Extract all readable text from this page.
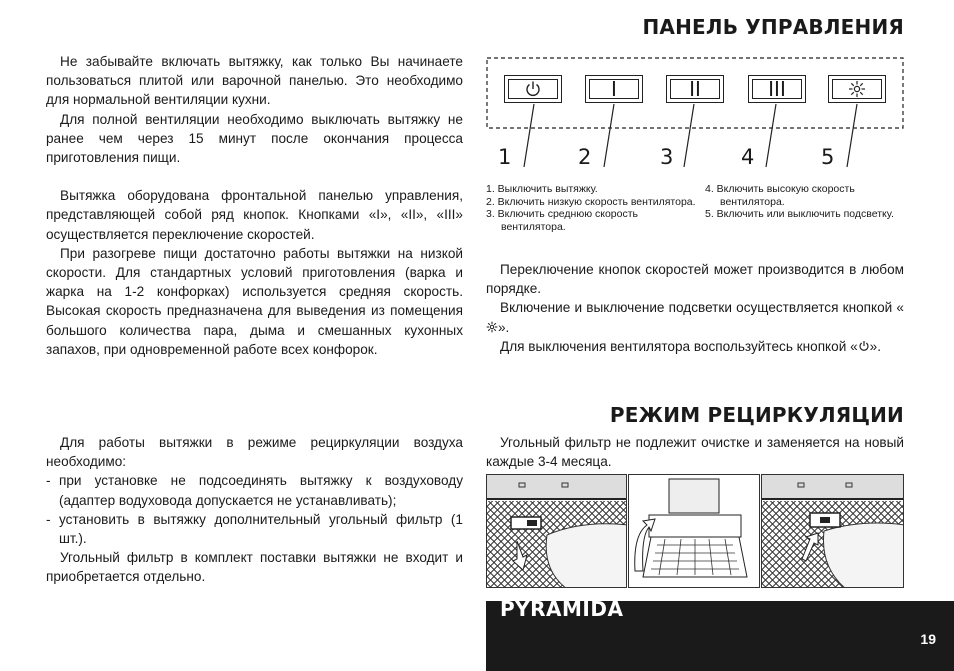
ПАНЕЛЬ УПРАВЛЕНИЯ

Не забывайте включать вытяжку, как только Вы начинаете пользоваться плитой или варочной панелью. Это необходимо для нормальной вентиляции кухни.

Для полной вентиляции необходимо выключать вытяжку не ранее чем через 15 минут после окончания процесса приготовления пищи.

Вытяжка оборудована фронтальной панелью управления, представляющей собой ряд кнопок. Кнопками «I», «II», «III» осуществляется переключение скоростей.

При разогреве пищи достаточно работы вытяжки на низкой скорости. Для стандартных условий приготовления (варка и жарка на 1-2 конфорках) используется средняя скорость. Высокая скорость предназначена для выведения из помещения большого количества пара, дыма и смешанных кухонных запахов, при одновременной работе всех конфорок.

I	II	III
1	2	3	4	5
1. Выключить вытяжку.
2. Включить низкую скорость вентилятора.
3. Включить среднюю скорость вентилятора.
4. Включить высокую скорость вентилятора.
5. Включить или выключить подсветку.

Переключение кнопок скоростей может производится в любом порядке.

Включение и выключение подсветки осуществляется кнопкой «».

Для выключения вентилятора воспользуйтесь кнопкой « ».

РЕЖИМ РЕЦИРКУЛЯЦИИ

Для работы вытяжки в режиме рециркуляции воздуха необходимо:

- при установке не подсоединять вытяжку к воздуховоду (адаптер водуховода допускается не устанавливать);
- установить в вытяжку дополнительный угольный фильтр (1 шт.).

Угольный фильтр в комплект поставки вытяжки не входит и приобретается отдельно.

Угольный фильтр не подлежит очистке и заменяется на новый каждые 3-4 месяца.

PYRAMIDA
19
